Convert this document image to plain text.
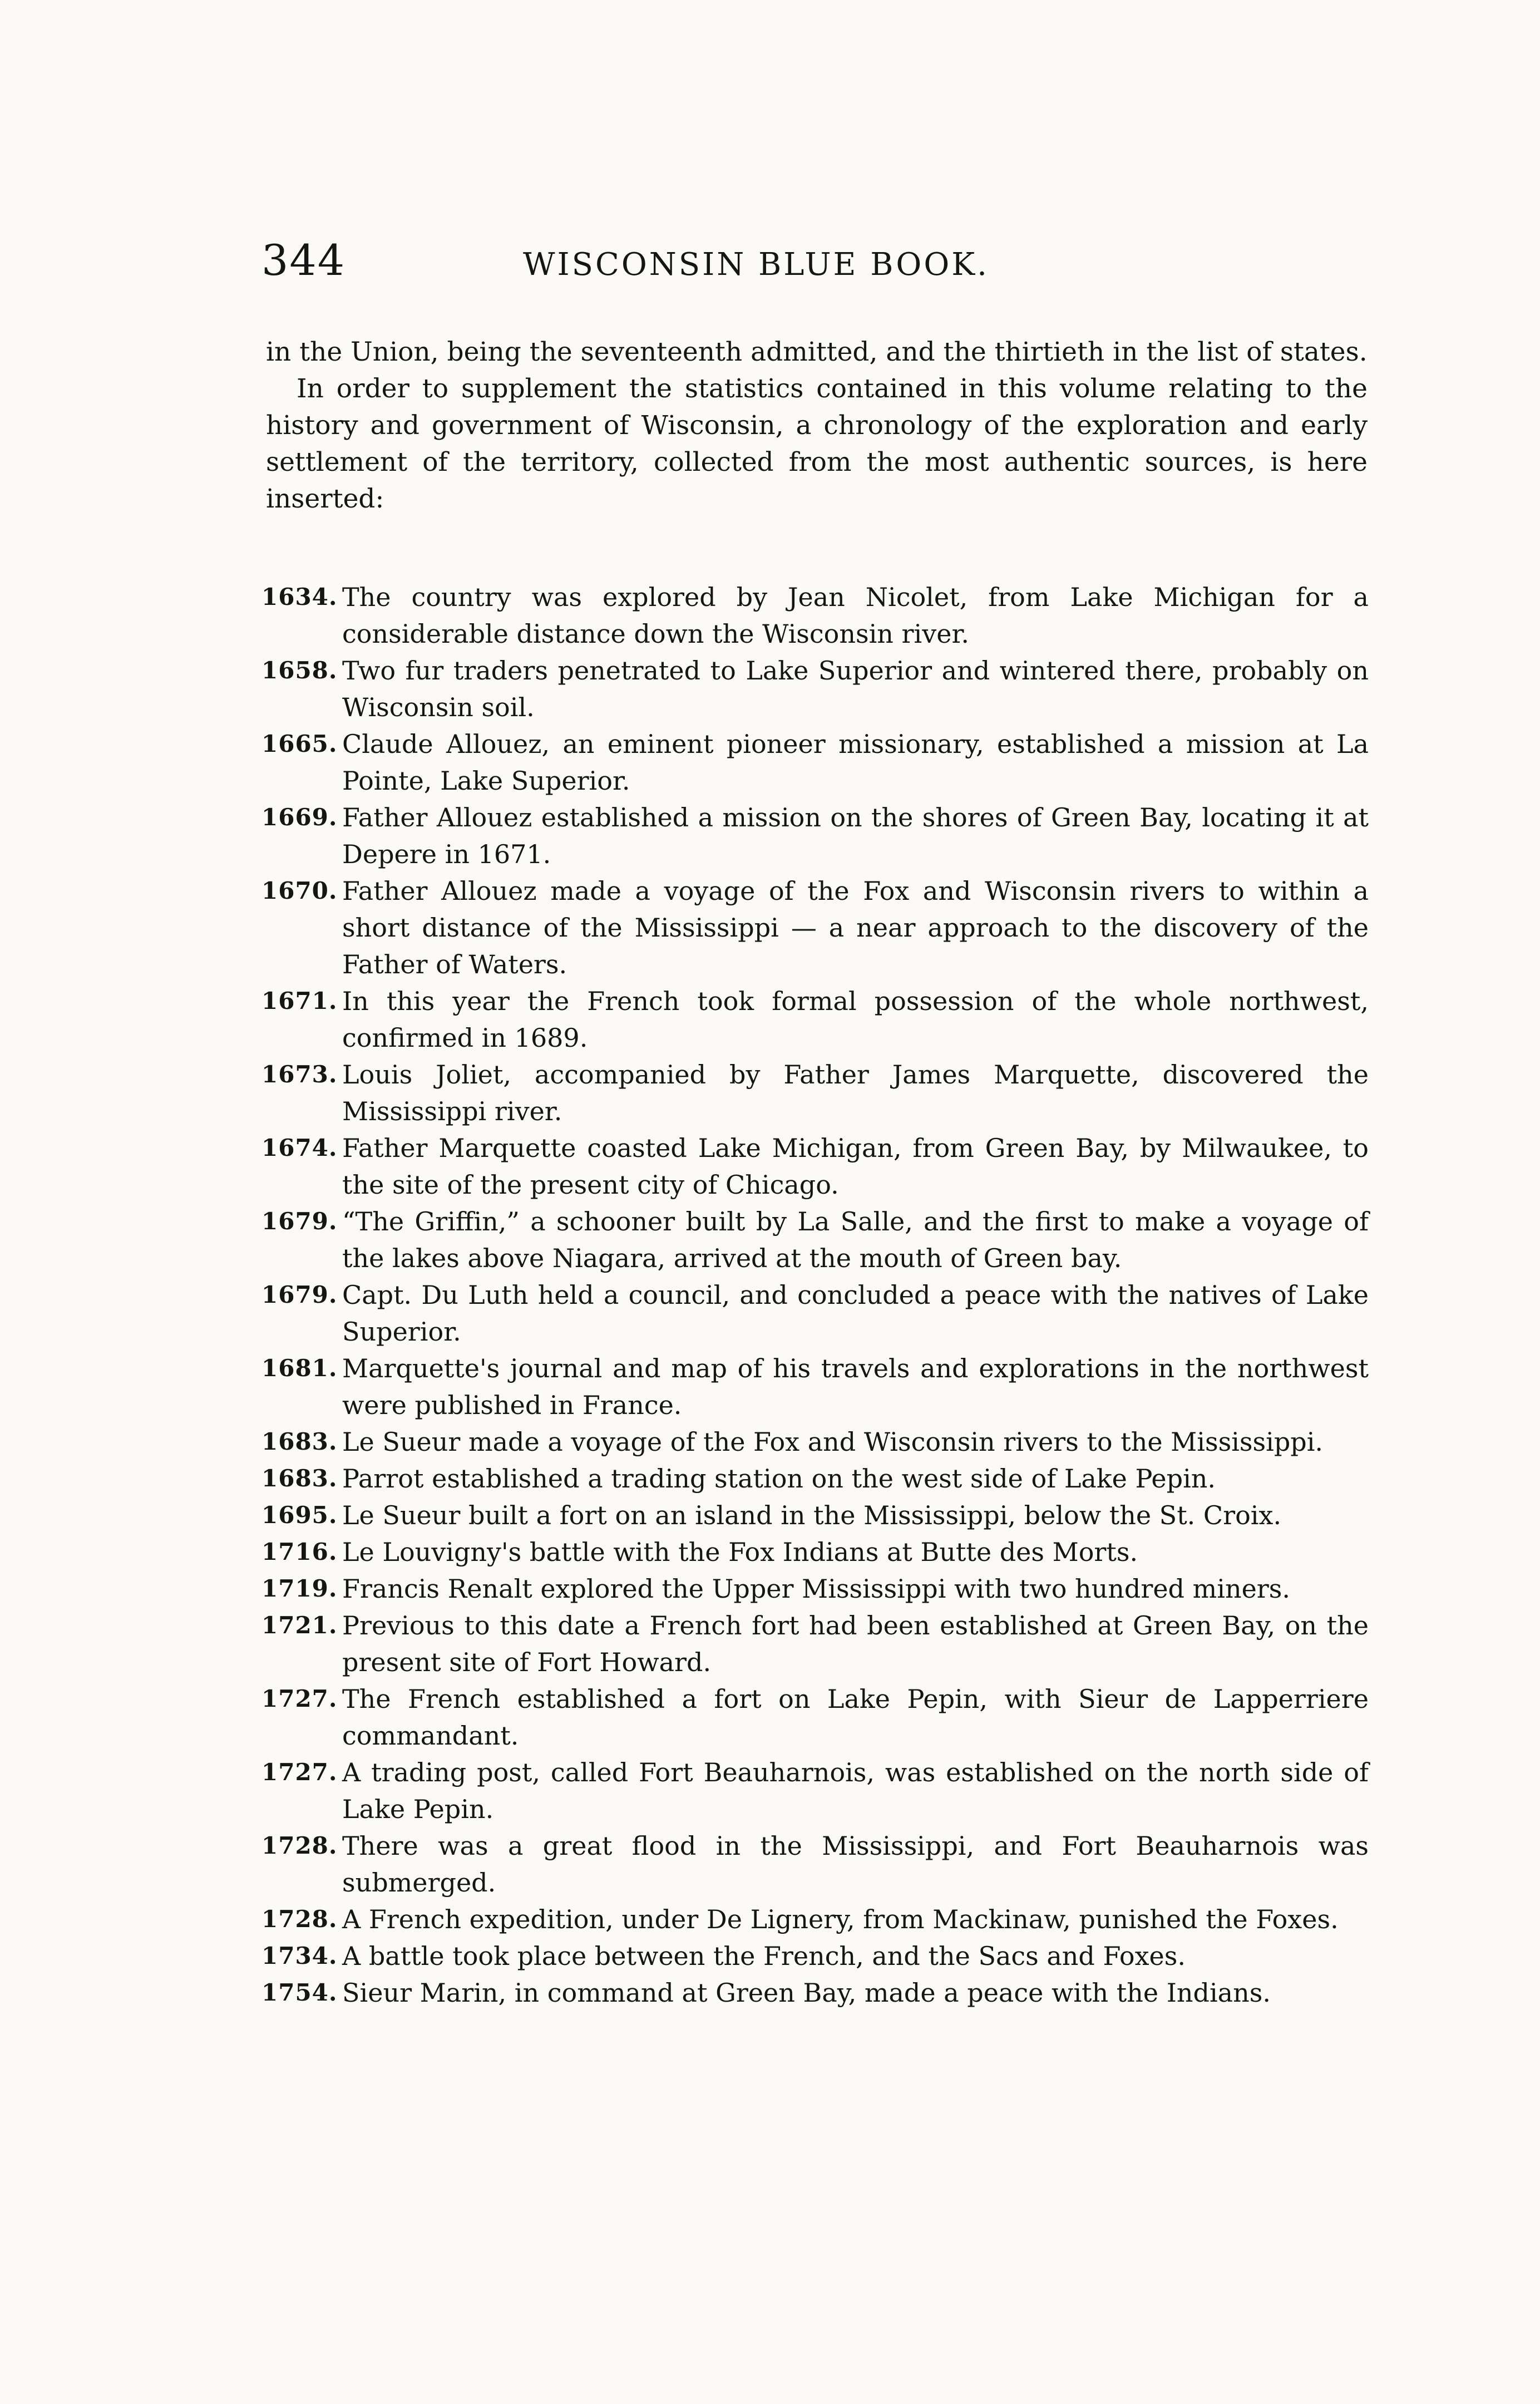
344	WISCONSIN BLUE BOOK.

in the Union, being the seventeenth admitted, and the thirtieth in the list of states.

In order to supplement the statistics contained in this volume relating to the history and government of Wisconsin, a chronology of the exploration and early settlement of the territory, collected from the most authentic sources, is here inserted:

1634. The country was explored by Jean Nicolet, from Lake Michigan for a considerable distance down the Wisconsin river.
1658. Two fur traders penetrated to Lake Superior and wintered there, probably on Wisconsin soil.
1665. Claude Allouez, an eminent pioneer missionary, established a mission at La Pointe, Lake Superior.
1669. Father Allouez established a mission on the shores of Green Bay, locating it at Depere in 1671.
1670. Father Allouez made a voyage of the Fox and Wisconsin rivers to within a short distance of the Mississippi — a near approach to the discovery of the Father of Waters.
1671. In this year the French took formal possession of the whole northwest, confirmed in 1689.
1673. Louis Joliet, accompanied by Father James Marquette, discovered the Mississippi river.
1674. Father Marquette coasted Lake Michigan, from Green Bay, by Milwaukee, to the site of the present city of Chicago.
1679. “The Griffin,” a schooner built by La Salle, and the first to make a voyage of the lakes above Niagara, arrived at the mouth of Green bay.
1679. Capt. Du Luth held a council, and concluded a peace with the natives of Lake Superior.
1681. Marquette's journal and map of his travels and explorations in the northwest were published in France.
1683. Le Sueur made a voyage of the Fox and Wisconsin rivers to the Mississippi.
1683. Parrot established a trading station on the west side of Lake Pepin.
1695. Le Sueur built a fort on an island in the Mississippi, below the St. Croix.
1716. Le Louvigny's battle with the Fox Indians at Butte des Morts.
1719. Francis Renalt explored the Upper Mississippi with two hundred miners.
1721. Previous to this date a French fort had been established at Green Bay, on the present site of Fort Howard.
1727. The French established a fort on Lake Pepin, with Sieur de Lapperriere commandant.
1727. A trading post, called Fort Beauharnois, was established on the north side of Lake Pepin.
1728. There was a great flood in the Mississippi, and Fort Beauharnois was submerged.
1728. A French expedition, under De Lignery, from Mackinaw, punished the Foxes.
1734. A battle took place between the French, and the Sacs and Foxes.
1754. Sieur Marin, in command at Green Bay, made a peace with the Indians.
